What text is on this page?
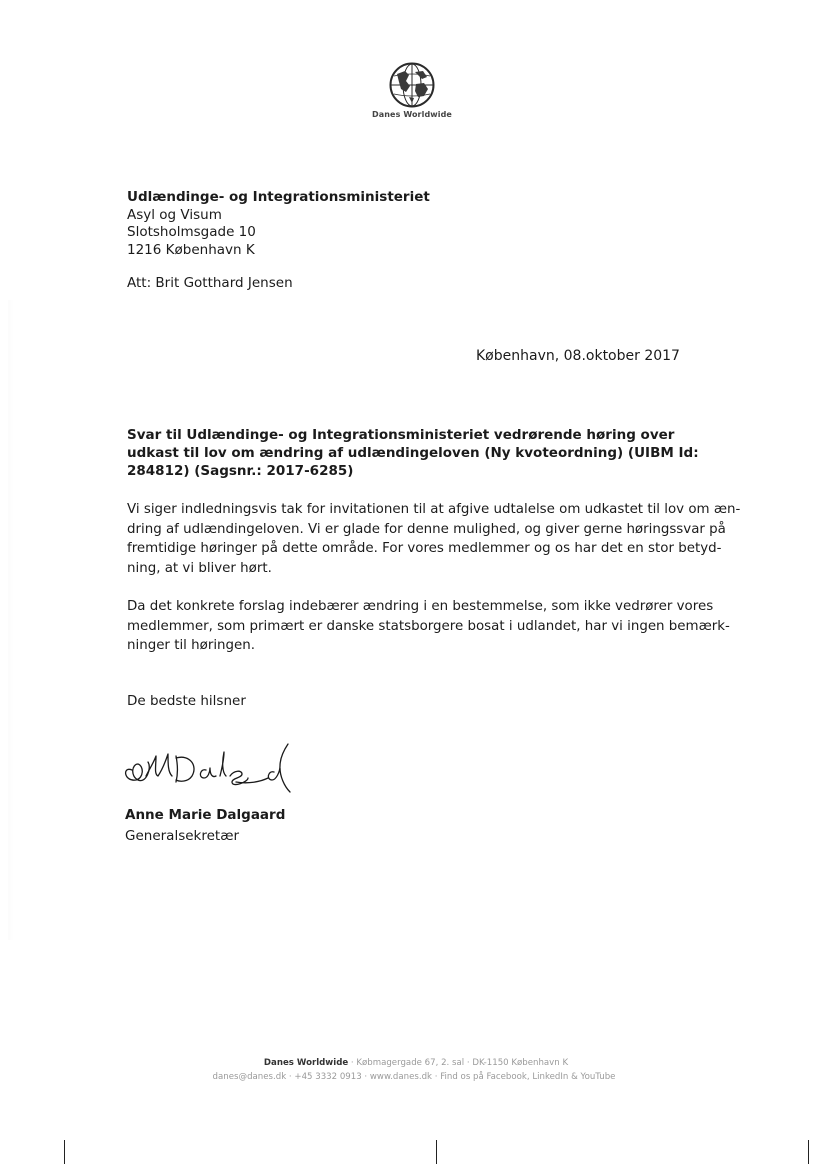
Danes Worldwide
Udlændinge- og Integrationsministeriet
Asyl og Visum
Slotsholmsgade 10
1216 København K
Att: Brit Gotthard Jensen
København, 08.oktober 2017
Svar til Udlændinge- og Integrationsministeriet vedrørende høring over udkast til lov om ændring af udlændingeloven (Ny kvoteordning) (UIBM Id: 284812) (Sagsnr.: 2017-6285)
Vi siger indledningsvis tak for invitationen til at afgive udtalelse om udkastet til lov om æn-
dring af udlændingeloven. Vi er glade for denne mulighed, og giver gerne høringssvar på
fremtidige høringer på dette område. For vores medlemmer og os har det en stor betyd-
ning, at vi bliver hørt.
Da det konkrete forslag indebærer ændring i en bestemmelse, som ikke vedrører vores
medlemmer, som primært er danske statsborgere bosat i udlandet, har vi ingen bemærk-
ninger til høringen.
De bedste hilsner
Anne Marie Dalgaard
Generalsekretær
Danes Worldwide · Købmagergade 67, 2. sal · DK-1150 København K
danes@danes.dk · +45 3332 0913 · www.danes.dk · Find os på Facebook, LinkedIn & YouTube
